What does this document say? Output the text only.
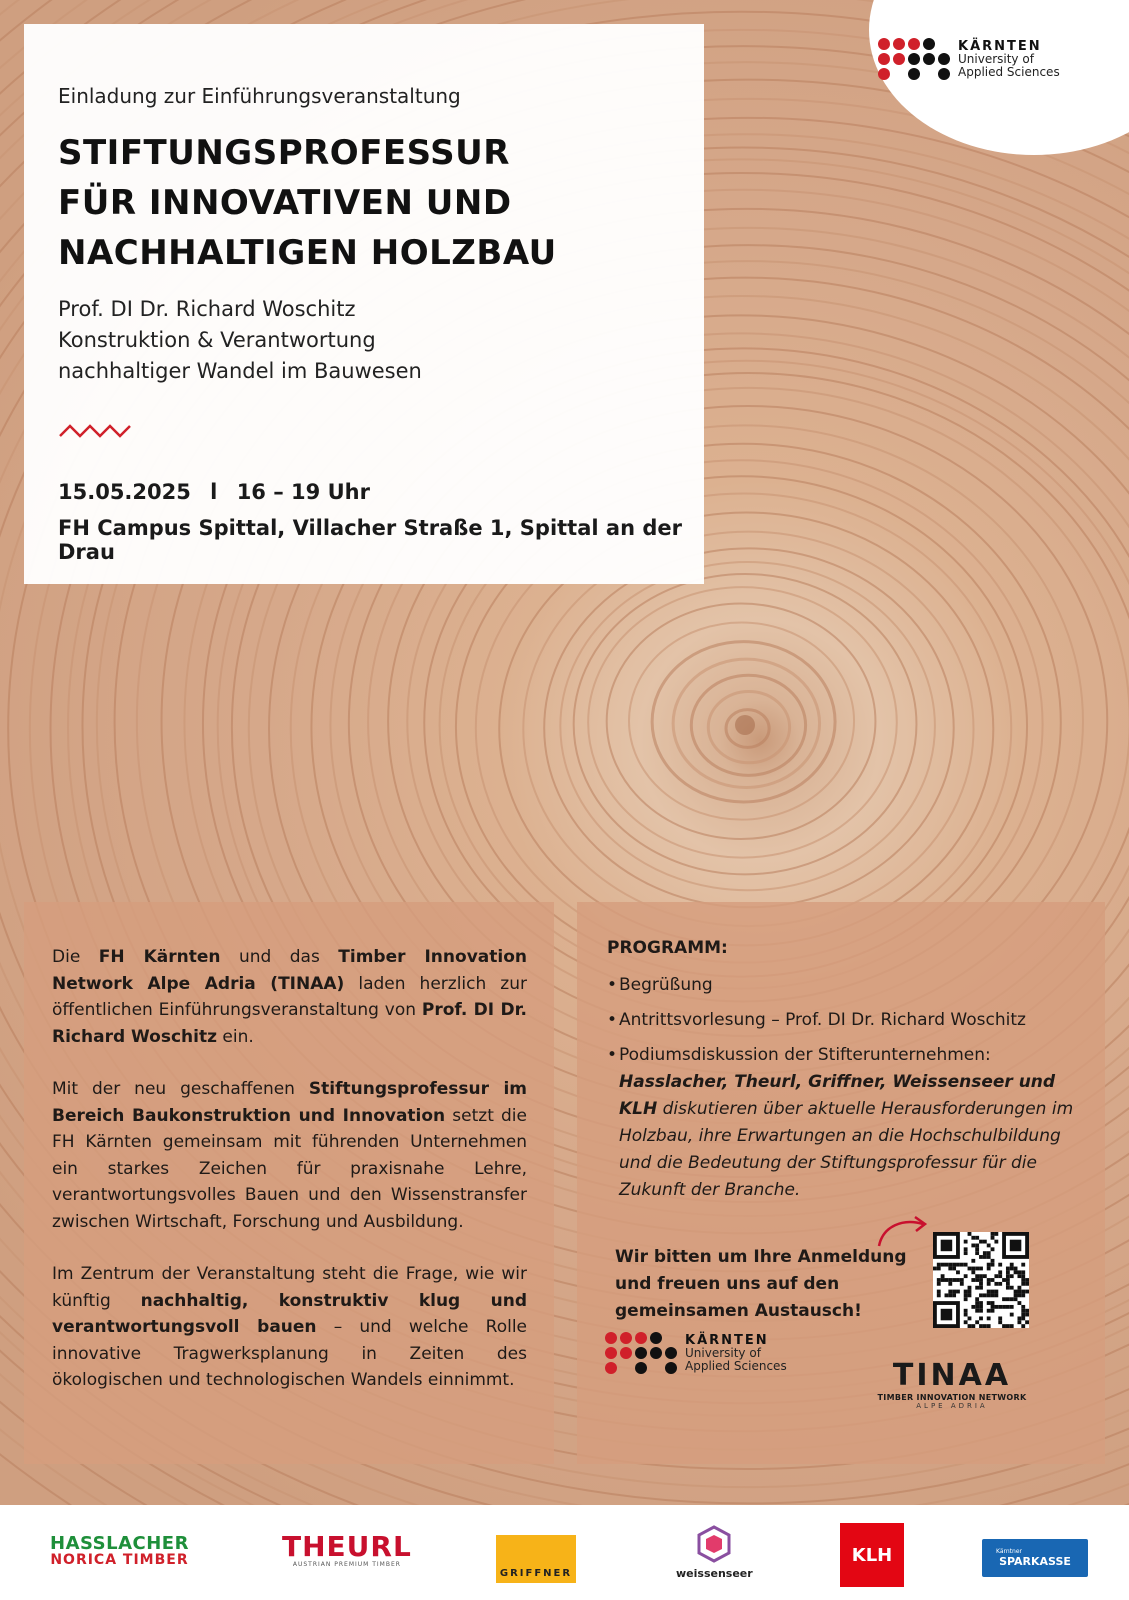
KÄRNTEN
University of
Applied Sciences
Einladung zur Einführungsveranstaltung
STIFTUNGSPROFESSUR
FÜR INNOVATIVEN UND
NACHHALTIGEN HOLZBAU
Prof. DI Dr. Richard Woschitz
Konstruktion & Verantwortung
nachhaltiger Wandel im Bauwesen
15.05.2025 l 16 – 19 Uhr
FH Campus Spittal, Villacher Straße 1, Spittal an der Drau

Die FH Kärnten und das Timber Innovation Network Alpe Adria (TINAA) laden herzlich zur öffentlichen Einführungsveranstaltung von Prof. DI Dr. Richard Woschitz ein.

Mit der neu geschaffenen Stiftungsprofessur im Bereich Baukonstruktion und Innovation setzt die FH Kärnten gemeinsam mit führenden Unternehmen ein starkes Zeichen für praxisnahe Lehre, verantwortungsvolles Bauen und den Wissenstransfer zwischen Wirtschaft, Forschung und Ausbildung.

Im Zentrum der Veranstaltung steht die Frage, wie wir künftig nachhaltig, konstruktiv klug und verantwortungsvoll bauen – und welche Rolle innovative Tragwerksplanung in Zeiten des ökologischen und technologischen Wandels einnimmt.

PROGRAMM:
• Begrüßung
• Antrittsvorlesung – Prof. DI Dr. Richard Woschitz
• Podiumsdiskussion der Stifterunternehmen:
Hasslacher, Theurl, Griffner, Weissenseer und KLH diskutieren über aktuelle Herausforderungen im Holzbau, ihre Erwartungen an die Hochschulbildung und die Bedeutung der Stiftungsprofessur für die Zukunft der Branche.
Wir bitten um Ihre Anmeldung
und freuen uns auf den
gemeinsamen Austausch!
KÄRNTEN
University of
Applied Sciences	TINAA
TIMBER INNOVATION NETWORK
ALPE ADRIA
HASSLACHER
NORICA TIMBER	THEURL
AUSTRIAN PREMIUM TIMBER
GRIFFNER	weissenseer
KLH	Kärntner
SPARKASSE
